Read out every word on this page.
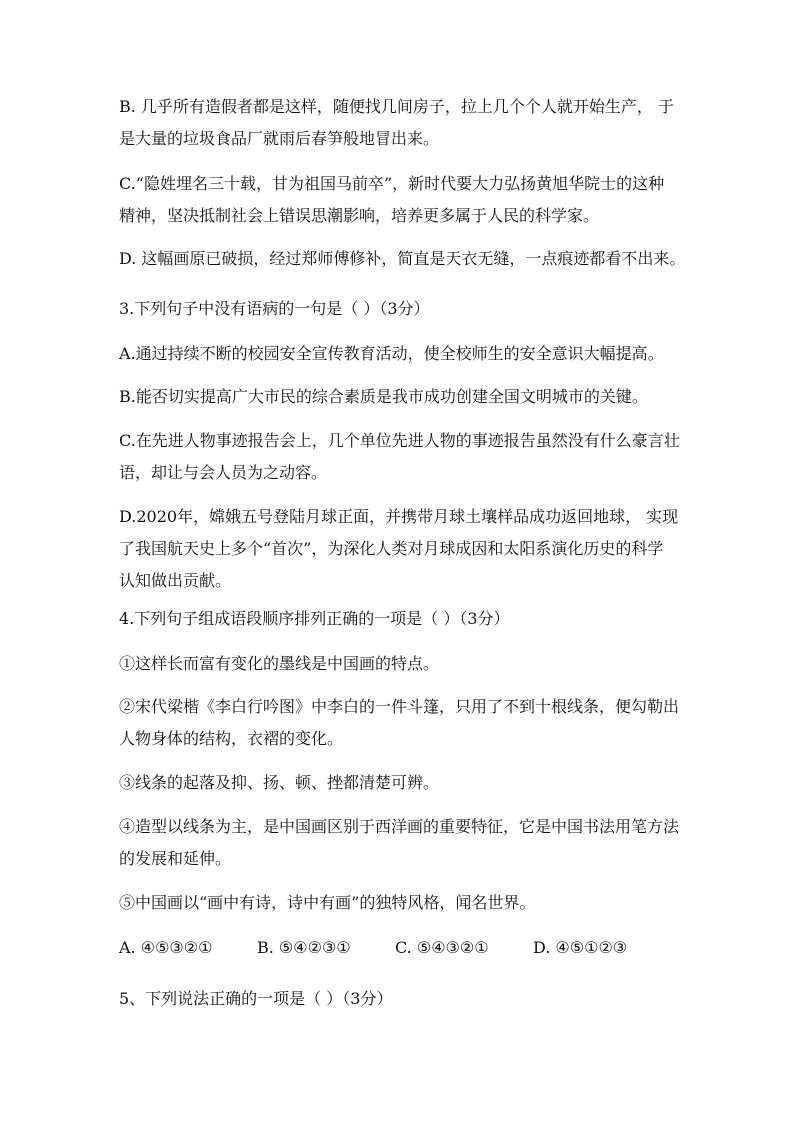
B. 几乎所有造假者都是这样，随便找几间房子，拉上几个个人就开始生产， 于
是大量的垃圾食品厂就雨后春笋般地冒出来。
C.“隐姓埋名三十载，甘为祖国马前卒”，新时代要大力弘扬黄旭华院士的这种
精神，坚决抵制社会上错误思潮影响，培养更多属于人民的科学家。
D. 这幅画原已破损，经过郑师傅修补，简直是天衣无缝，一点痕迹都看不出来。
3.下列句子中没有语病的一句是（ ）（3分）
A.通过持续不断的校园安全宣传教育活动，使全校师生的安全意识大幅提高。
B.能否切实提高广大市民的综合素质是我市成功创建全国文明城市的关键。
C.在先进人物事迹报告会上，几个单位先进人物的事迹报告虽然没有什么豪言壮
语，却让与会人员为之动容。
D.2020年，嫦娥五号登陆月球正面，并携带月球土壤样品成功返回地球， 实现
了我国航天史上多个“首次”，为深化人类对月球成因和太阳系演化历史的科学
认知做出贡献。
4.下列句子组成语段顺序排列正确的一项是（ ）（3分）
①这样长而富有变化的墨线是中国画的特点。
②宋代梁楷《李白行吟图》中李白的一件斗篷，只用了不到十根线条，便勾勒出
人物身体的结构，衣褶的变化。
③线条的起落及抑、扬、顿、挫都清楚可辨。
④造型以线条为主，是中国画区别于西洋画的重要特征，它是中国书法用笔方法
的发展和延伸。
⑤中国画以“画中有诗，诗中有画”的独特风格，闻名世界。
A. ④⑤③②①	B. ⑤④②③①	C. ⑤④③②①	D. ④⑤①②③
5、下列说法正确的一项是（ ）（3分）
